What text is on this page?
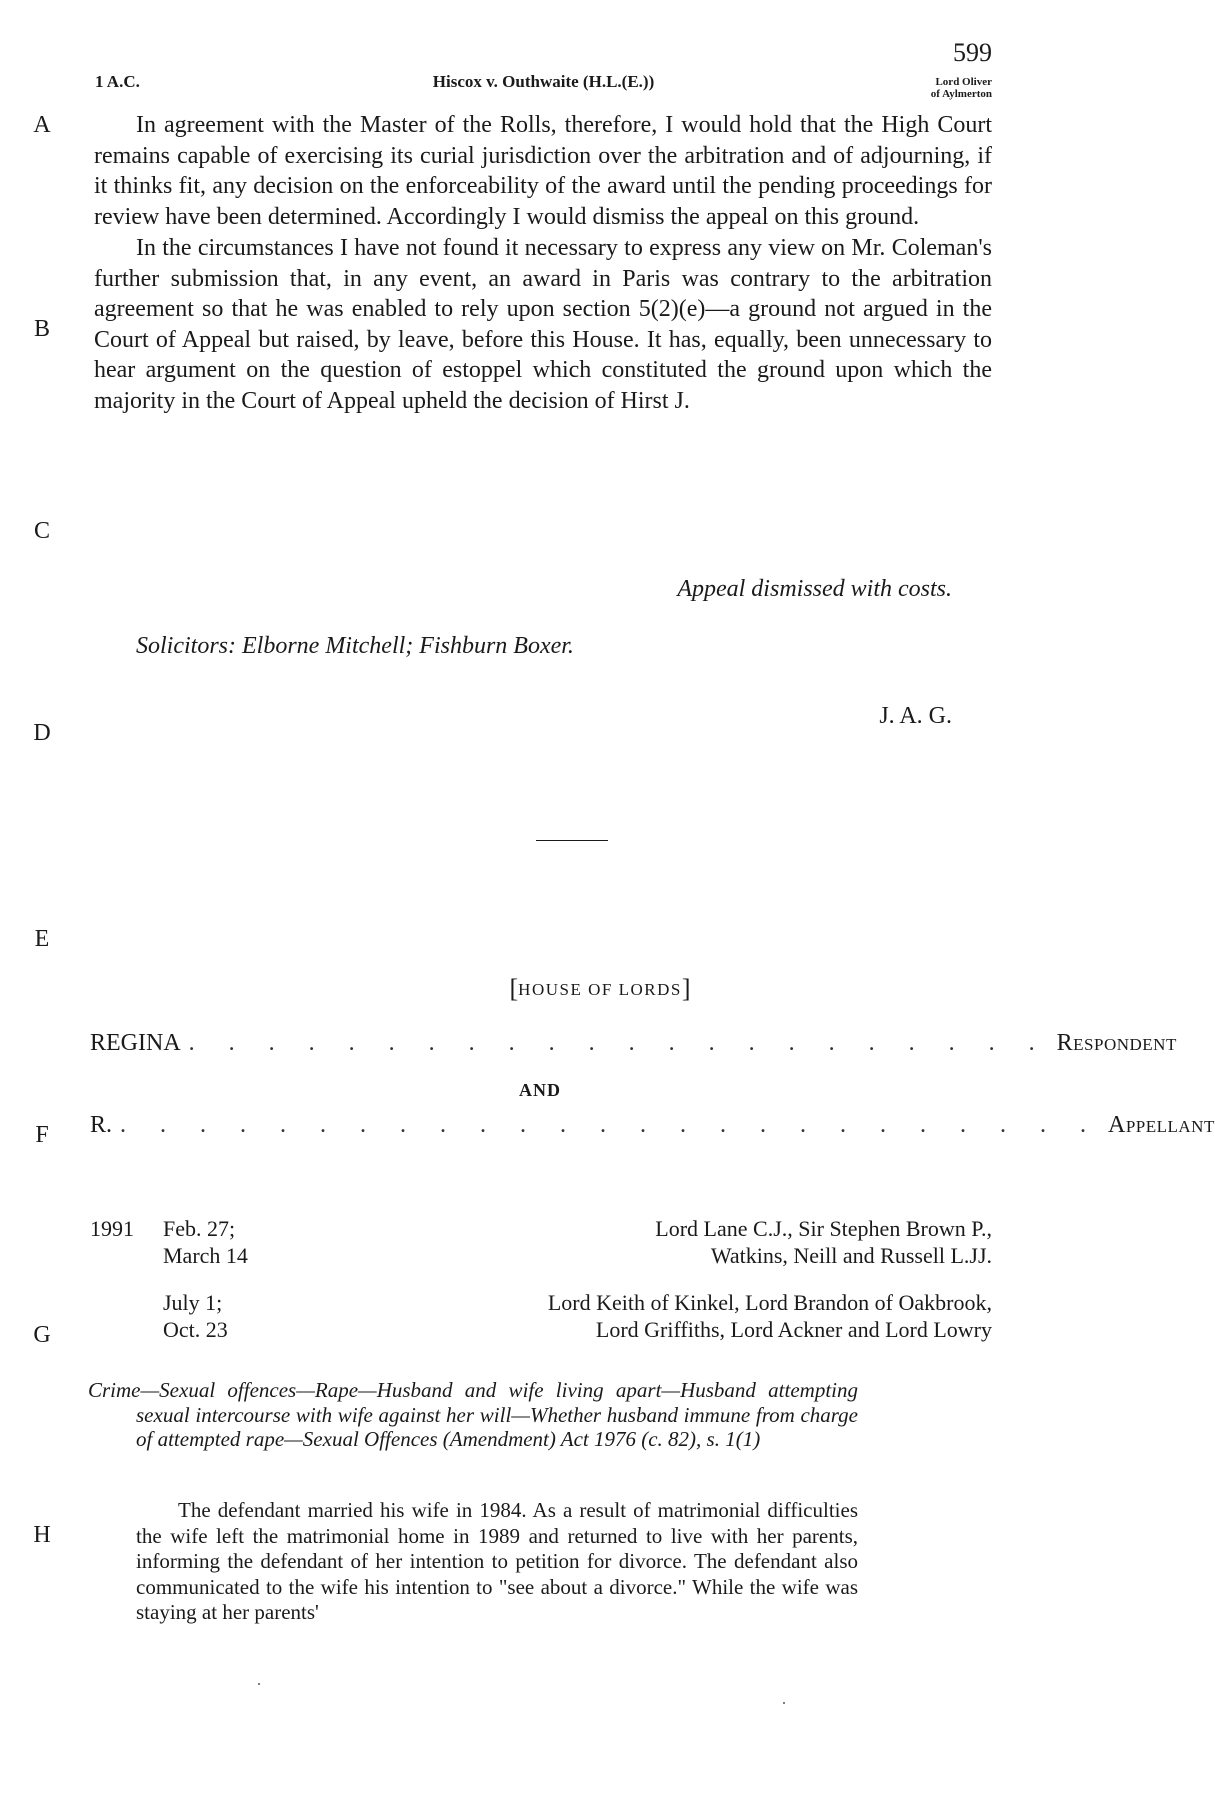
599
1 A.C.	Hiscox v. Outhwaite (H.L.(E.))	Lord Oliver
of Aylmerton
A
B
C
D
E
F
G
H

In agreement with the Master of the Rolls, therefore, I would hold that the High Court remains capable of exercising its curial jurisdiction over the arbitration and of adjourning, if it thinks fit, any decision on the enforceability of the award until the pending proceedings for review have been determined. Accordingly I would dismiss the appeal on this ground.

In the circumstances I have not found it necessary to express any view on Mr. Coleman's further submission that, in any event, an award in Paris was contrary to the arbitration agreement so that he was enabled to rely upon section 5(2)(e)—a ground not argued in the Court of Appeal but raised, by leave, before this House. It has, equally, been unnecessary to hear argument on the question of estoppel which constituted the ground upon which the majority in the Court of Appeal upheld the decision of Hirst J.

Appeal dismissed with costs.
Solicitors: Elborne Mitchell; Fishburn Boxer.
J. A. G.
[HOUSE OF LORDS]
REGINA . . . . . . . . . . . . . . . . . . . . . . Respondent
AND
R. . . . . . . . . . . . . . . . . . . . . . . . . . Appellant
1991 Feb. 27;
March 14
Lord Lane C.J., Sir Stephen Brown P.,
Watkins, Neill and Russell L.JJ.
July 1;
Oct. 23
Lord Keith of Kinkel, Lord Brandon of Oakbrook,
Lord Griffiths, Lord Ackner and Lord Lowry

Crime—Sexual offences—Rape—Husband and wife living apart—Husband attempting sexual intercourse with wife against her will—Whether husband immune from charge of attempted rape—Sexual Offences (Amendment) Act 1976 (c. 82), s. 1(1)

The defendant married his wife in 1984. As a result of matrimonial difficulties the wife left the matrimonial home in 1989 and returned to live with her parents, informing the defendant of her intention to petition for divorce. The defendant also communicated to the wife his intention to "see about a divorce." While the wife was staying at her parents'
